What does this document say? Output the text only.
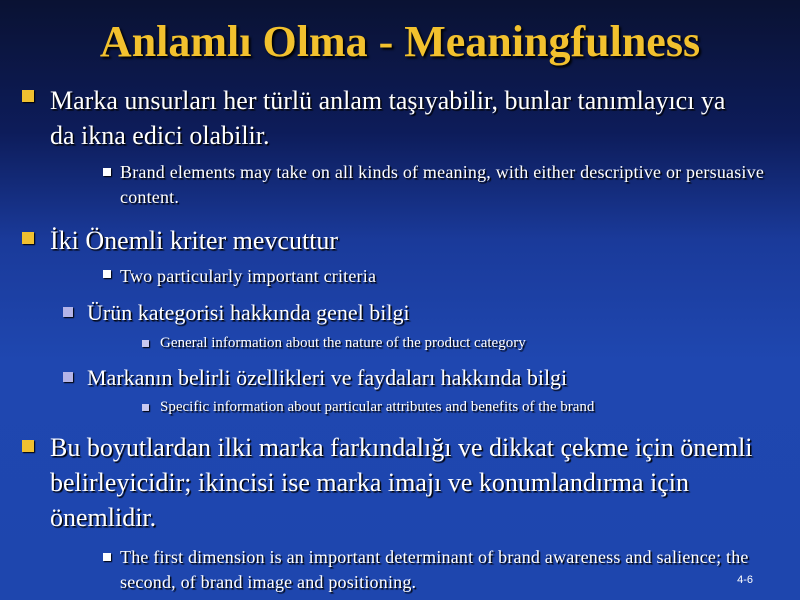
Anlamlı Olma - Meaningfulness
Marka unsurları her türlü anlam taşıyabilir, bunlar tanımlayıcı ya da ikna edici olabilir.
Brand elements may take on all kinds of meaning, with either descriptive or persuasive content.
İki Önemli kriter mevcuttur
Two particularly important criteria
Ürün kategorisi hakkında genel bilgi
General information about the nature of the product category
Markanın belirli özellikleri ve faydaları hakkında bilgi
Specific information about particular attributes and benefits of the brand
Bu boyutlardan ilki marka farkındalığı ve dikkat çekme için önemli belirleyicidir; ikincisi ise marka imajı ve konumlandırma için önemlidir.
The first dimension is an important determinant of brand awareness and salience; the second, of brand image and positioning.	4-6
